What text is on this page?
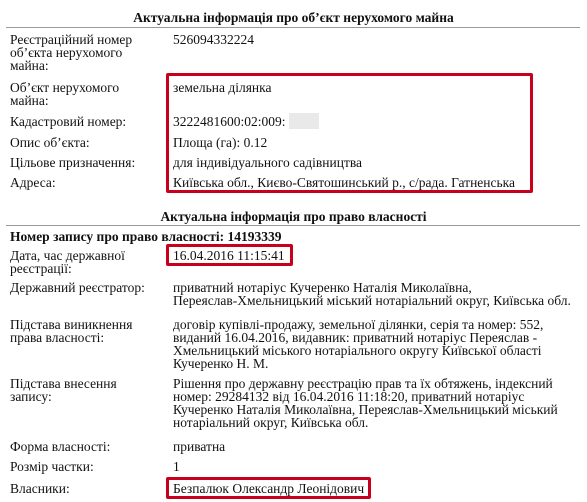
Актуальна інформація про об’єкт нерухомого майна
Реєстраційний номер
об’єкта нерухомого
майна:
526094332224
Об’єкт нерухомого
майна:
земельна ділянка
Кадастровий номер:	3222481600:02:009:
Опис об’єкта:	Площа (га): 0.12
Цільове призначення:	для індивідуального садівництва
Адреса:	Київська обл., Києво-Святошинський р., с/рада. Гатненська
Актуальна інформація про право власності
Номер запису про право власності: 14193339
Дата, час державної
реєстрації:
16.04.2016 11:15:41
Державний реєстратор: приватний нотаріус Кучеренко Наталія Миколаївна,
Переяслав-Хмельницький міський нотаріальний округ, Київська обл.
Підстава виникнення
права власності:
договір купівлі-продажу, земельної ділянки, серія та номер: 552,
виданий 16.04.2016, видавник: приватний нотаріус Переяслав -
Хмельницький міського нотаріального округу Київської області
Кучеренко Н. М.
Підстава внесення
запису:
Рішення про державну реєстрацію прав та їх обтяжень, індексний
номер: 29284132 від 16.04.2016 11:18:20, приватний нотаріус
Кучеренко Наталія Миколаївна, Переяслав-Хмельницький міський
нотаріальний округ, Київська обл.
Форма власності:	приватна
Розмір частки:	1
Власники:	Безпалюк Олександр Леонідович
